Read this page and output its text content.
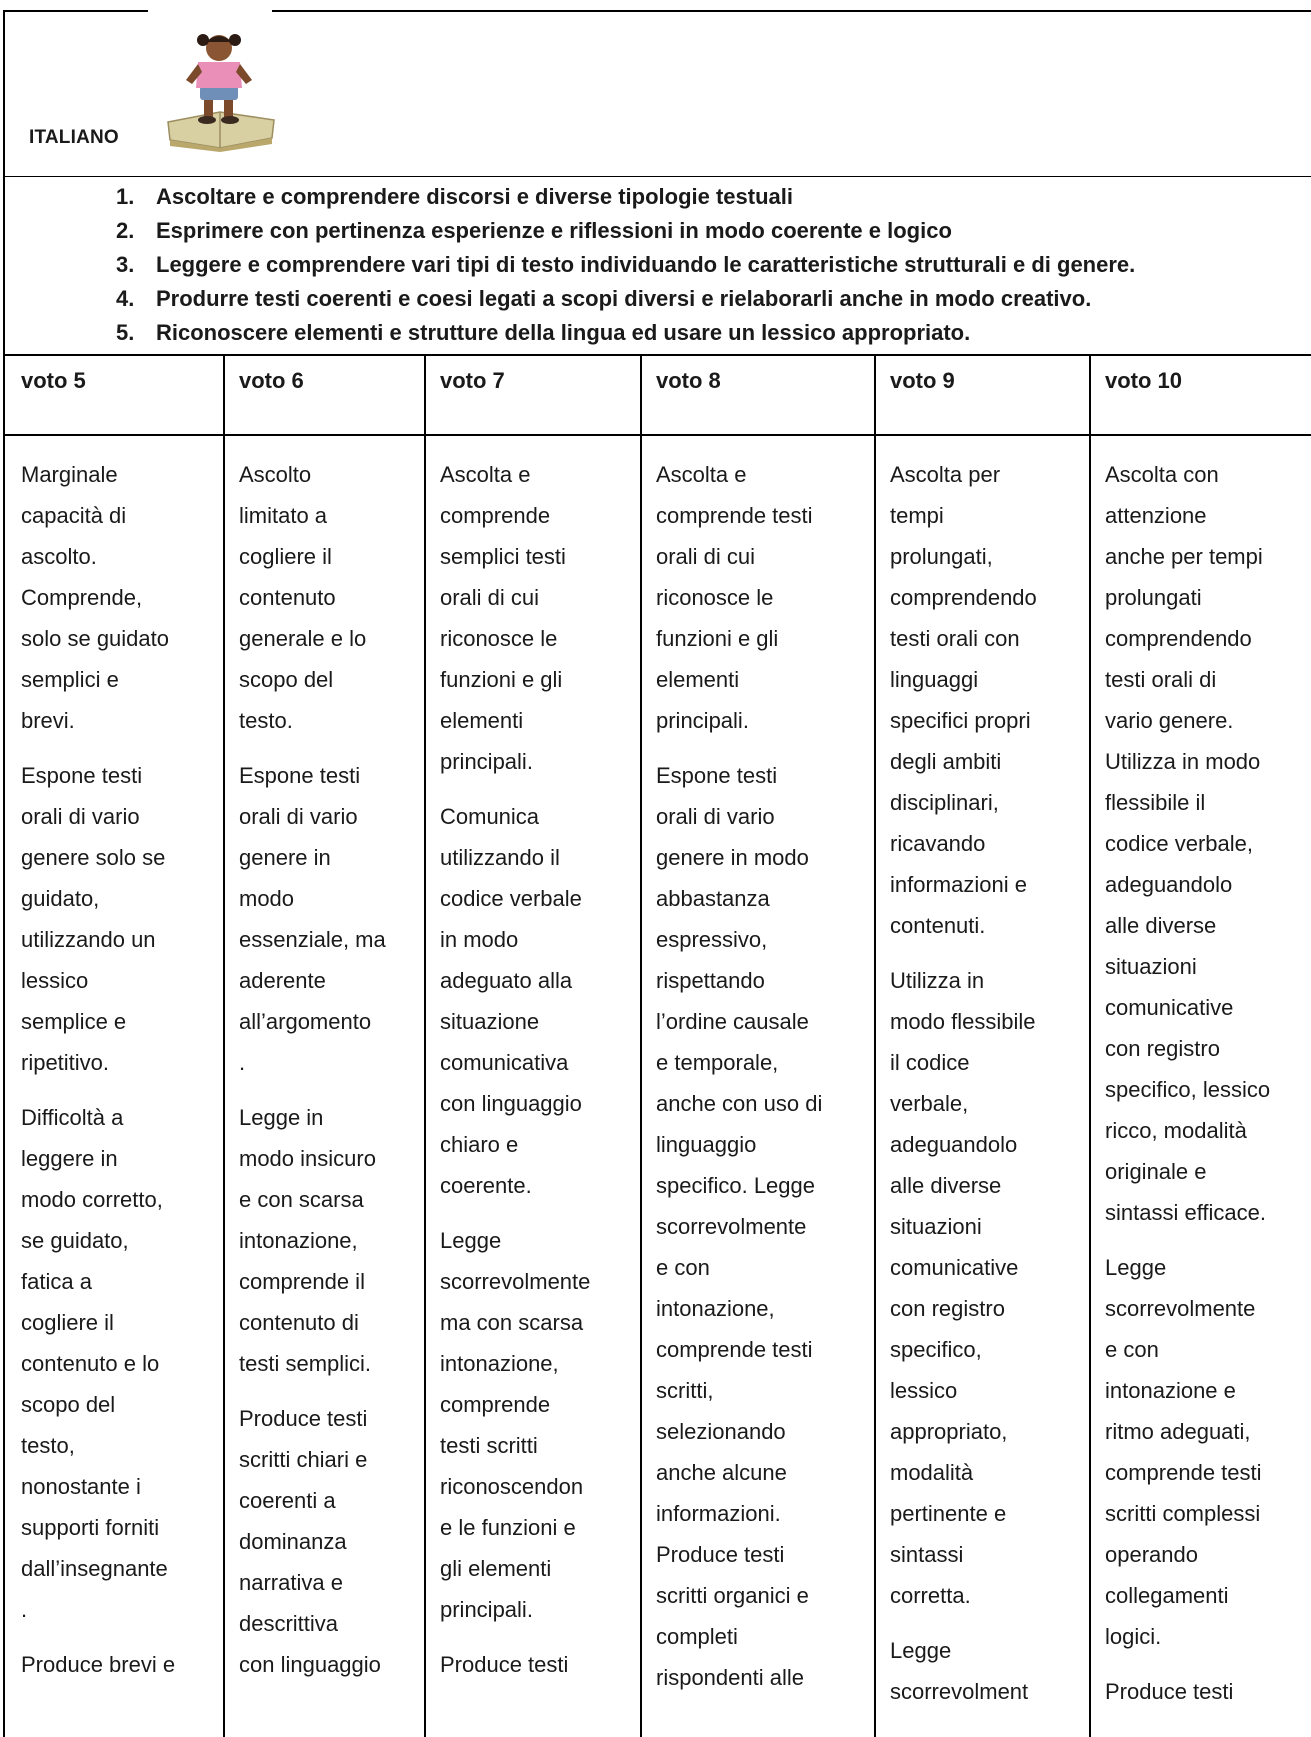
ITALIANO
1. Ascoltare e comprendere discorsi e diverse tipologie testuali
2. Esprimere con pertinenza esperienze e riflessioni in modo coerente e logico
3. Leggere e comprendere vari tipi di testo individuando le caratteristiche strutturali e di genere.
4. Produrre testi coerenti e coesi legati a scopi diversi e rielaborarli anche in modo creativo.
5. Riconoscere elementi e strutture della lingua ed usare un lessico appropriato.
voto 5

Marginale
capacità di
ascolto.
Comprende,
solo se guidato
semplici e
brevi.

Espone testi
orali di vario
genere solo se
guidato,
utilizzando un
lessico
semplice e
ripetitivo.

Difficoltà a
leggere in
modo corretto,
se guidato,
fatica a
cogliere il
contenuto e lo
scopo del
testo,
nonostante i
supporti forniti
dall’insegnante
.

Produce brevi e

voto 6

Ascolto
limitato a
cogliere il
contenuto
generale e lo
scopo del
testo.

Espone testi
orali di vario
genere in
modo
essenziale, ma
aderente
all’argomento
.

Legge in
modo insicuro
e con scarsa
intonazione,
comprende il
contenuto di
testi semplici.

Produce testi
scritti chiari e
coerenti a
dominanza
narrativa e
descrittiva
con linguaggio

voto 7

Ascolta e
comprende
semplici testi
orali di cui
riconosce le
funzioni e gli
elementi
principali.

Comunica
utilizzando il
codice verbale
in modo
adeguato alla
situazione
comunicativa
con linguaggio
chiaro e
coerente.

Legge
scorrevolmente
ma con scarsa
intonazione,
comprende
testi scritti
riconoscendon
e le funzioni e
gli elementi
principali.

Produce testi

voto 8

Ascolta e
comprende testi
orali di cui
riconosce le
funzioni e gli
elementi
principali.

Espone testi
orali di vario
genere in modo
abbastanza
espressivo,
rispettando
l’ordine causale
e temporale,
anche con uso di
linguaggio
specifico. Legge
scorrevolmente
e con
intonazione,
comprende testi
scritti,
selezionando
anche alcune
informazioni.
Produce testi
scritti organici e
completi
rispondenti alle

voto 9

Ascolta per
tempi
prolungati,
comprendendo
testi orali con
linguaggi
specifici propri
degli ambiti
disciplinari,
ricavando
informazioni e
contenuti.

Utilizza in
modo flessibile
il codice
verbale,
adeguandolo
alle diverse
situazioni
comunicative
con registro
specifico,
lessico
appropriato,
modalità
pertinente e
sintassi
corretta.

Legge
scorrevolment

voto 10

Ascolta con
attenzione
anche per tempi
prolungati
comprendendo
testi orali di
vario genere.
Utilizza in modo
flessibile il
codice verbale,
adeguandolo
alle diverse
situazioni
comunicative
con registro
specifico, lessico
ricco, modalità
originale e
sintassi efficace.

Legge
scorrevolmente
e con
intonazione e
ritmo adeguati,
comprende testi
scritti complessi
operando
collegamenti
logici.

Produce testi
